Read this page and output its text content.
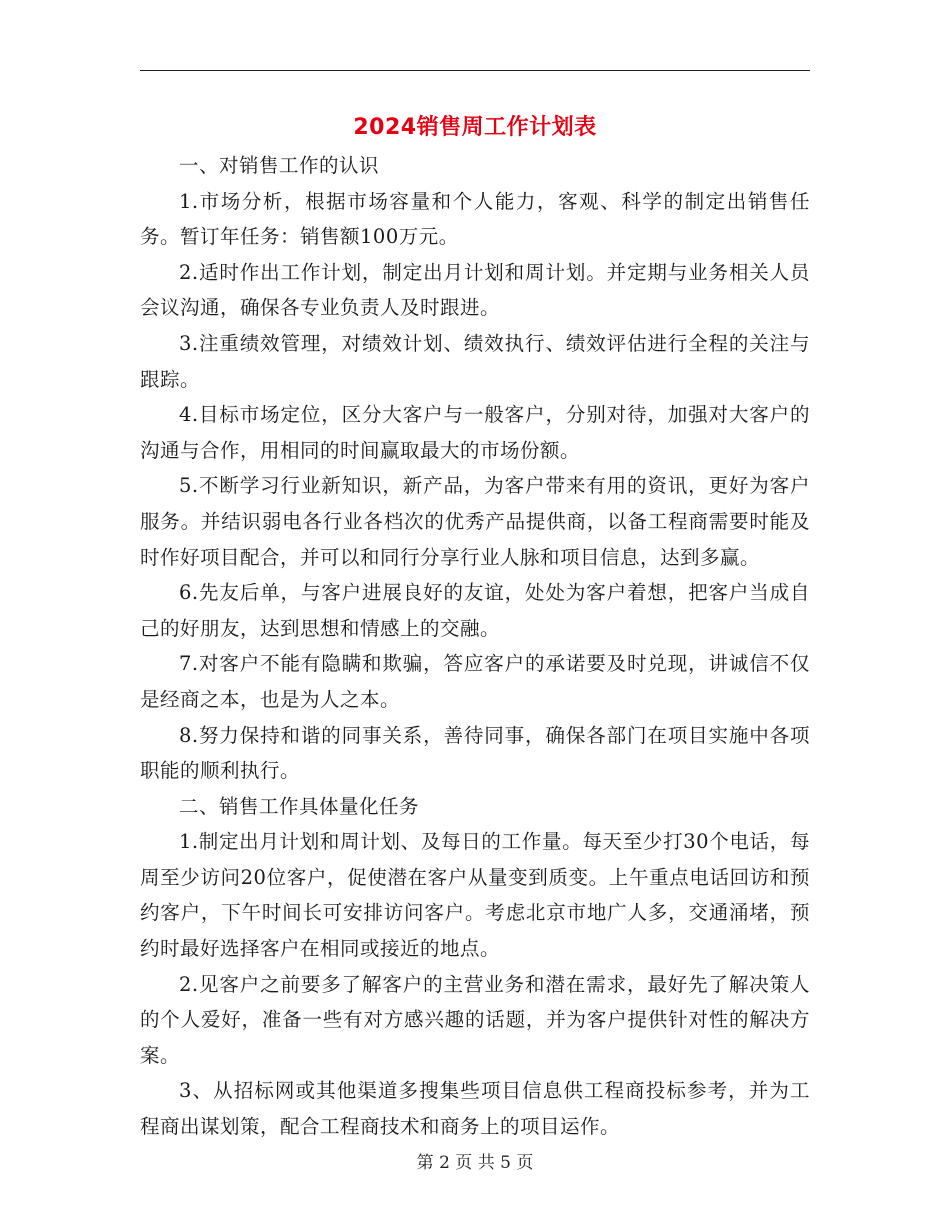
2024销售周工作计划表

一、对销售工作的认识

1.市场分析，根据市场容量和个人能力，客观、科学的制定出销售任务。暂订年任务：销售额100万元。

2.适时作出工作计划，制定出月计划和周计划。并定期与业务相关人员会议沟通，确保各专业负责人及时跟进。

3.注重绩效管理，对绩效计划、绩效执行、绩效评估进行全程的关注与跟踪。

4.目标市场定位，区分大客户与一般客户，分别对待，加强对大客户的沟通与合作，用相同的时间赢取最大的市场份额。

5.不断学习行业新知识，新产品，为客户带来有用的资讯，更好为客户服务。并结识弱电各行业各档次的优秀产品提供商，以备工程商需要时能及时作好项目配合，并可以和同行分享行业人脉和项目信息，达到多赢。

6.先友后单，与客户进展良好的友谊，处处为客户着想，把客户当成自己的好朋友，达到思想和情感上的交融。

7.对客户不能有隐瞒和欺骗，答应客户的承诺要及时兑现，讲诚信不仅是经商之本，也是为人之本。

8.努力保持和谐的同事关系，善待同事，确保各部门在项目实施中各项职能的顺利执行。

二、销售工作具体量化任务

1.制定出月计划和周计划、及每日的工作量。每天至少打30个电话，每周至少访问20位客户，促使潜在客户从量变到质变。上午重点电话回访和预约客户，下午时间长可安排访问客户。考虑北京市地广人多，交通涌堵，预约时最好选择客户在相同或接近的地点。

2.见客户之前要多了解客户的主营业务和潜在需求，最好先了解决策人的个人爱好，准备一些有对方感兴趣的话题，并为客户提供针对性的解决方案。

3、从招标网或其他渠道多搜集些项目信息供工程商投标参考，并为工程商出谋划策，配合工程商技术和商务上的项目运作。

第 2 页 共 5 页
